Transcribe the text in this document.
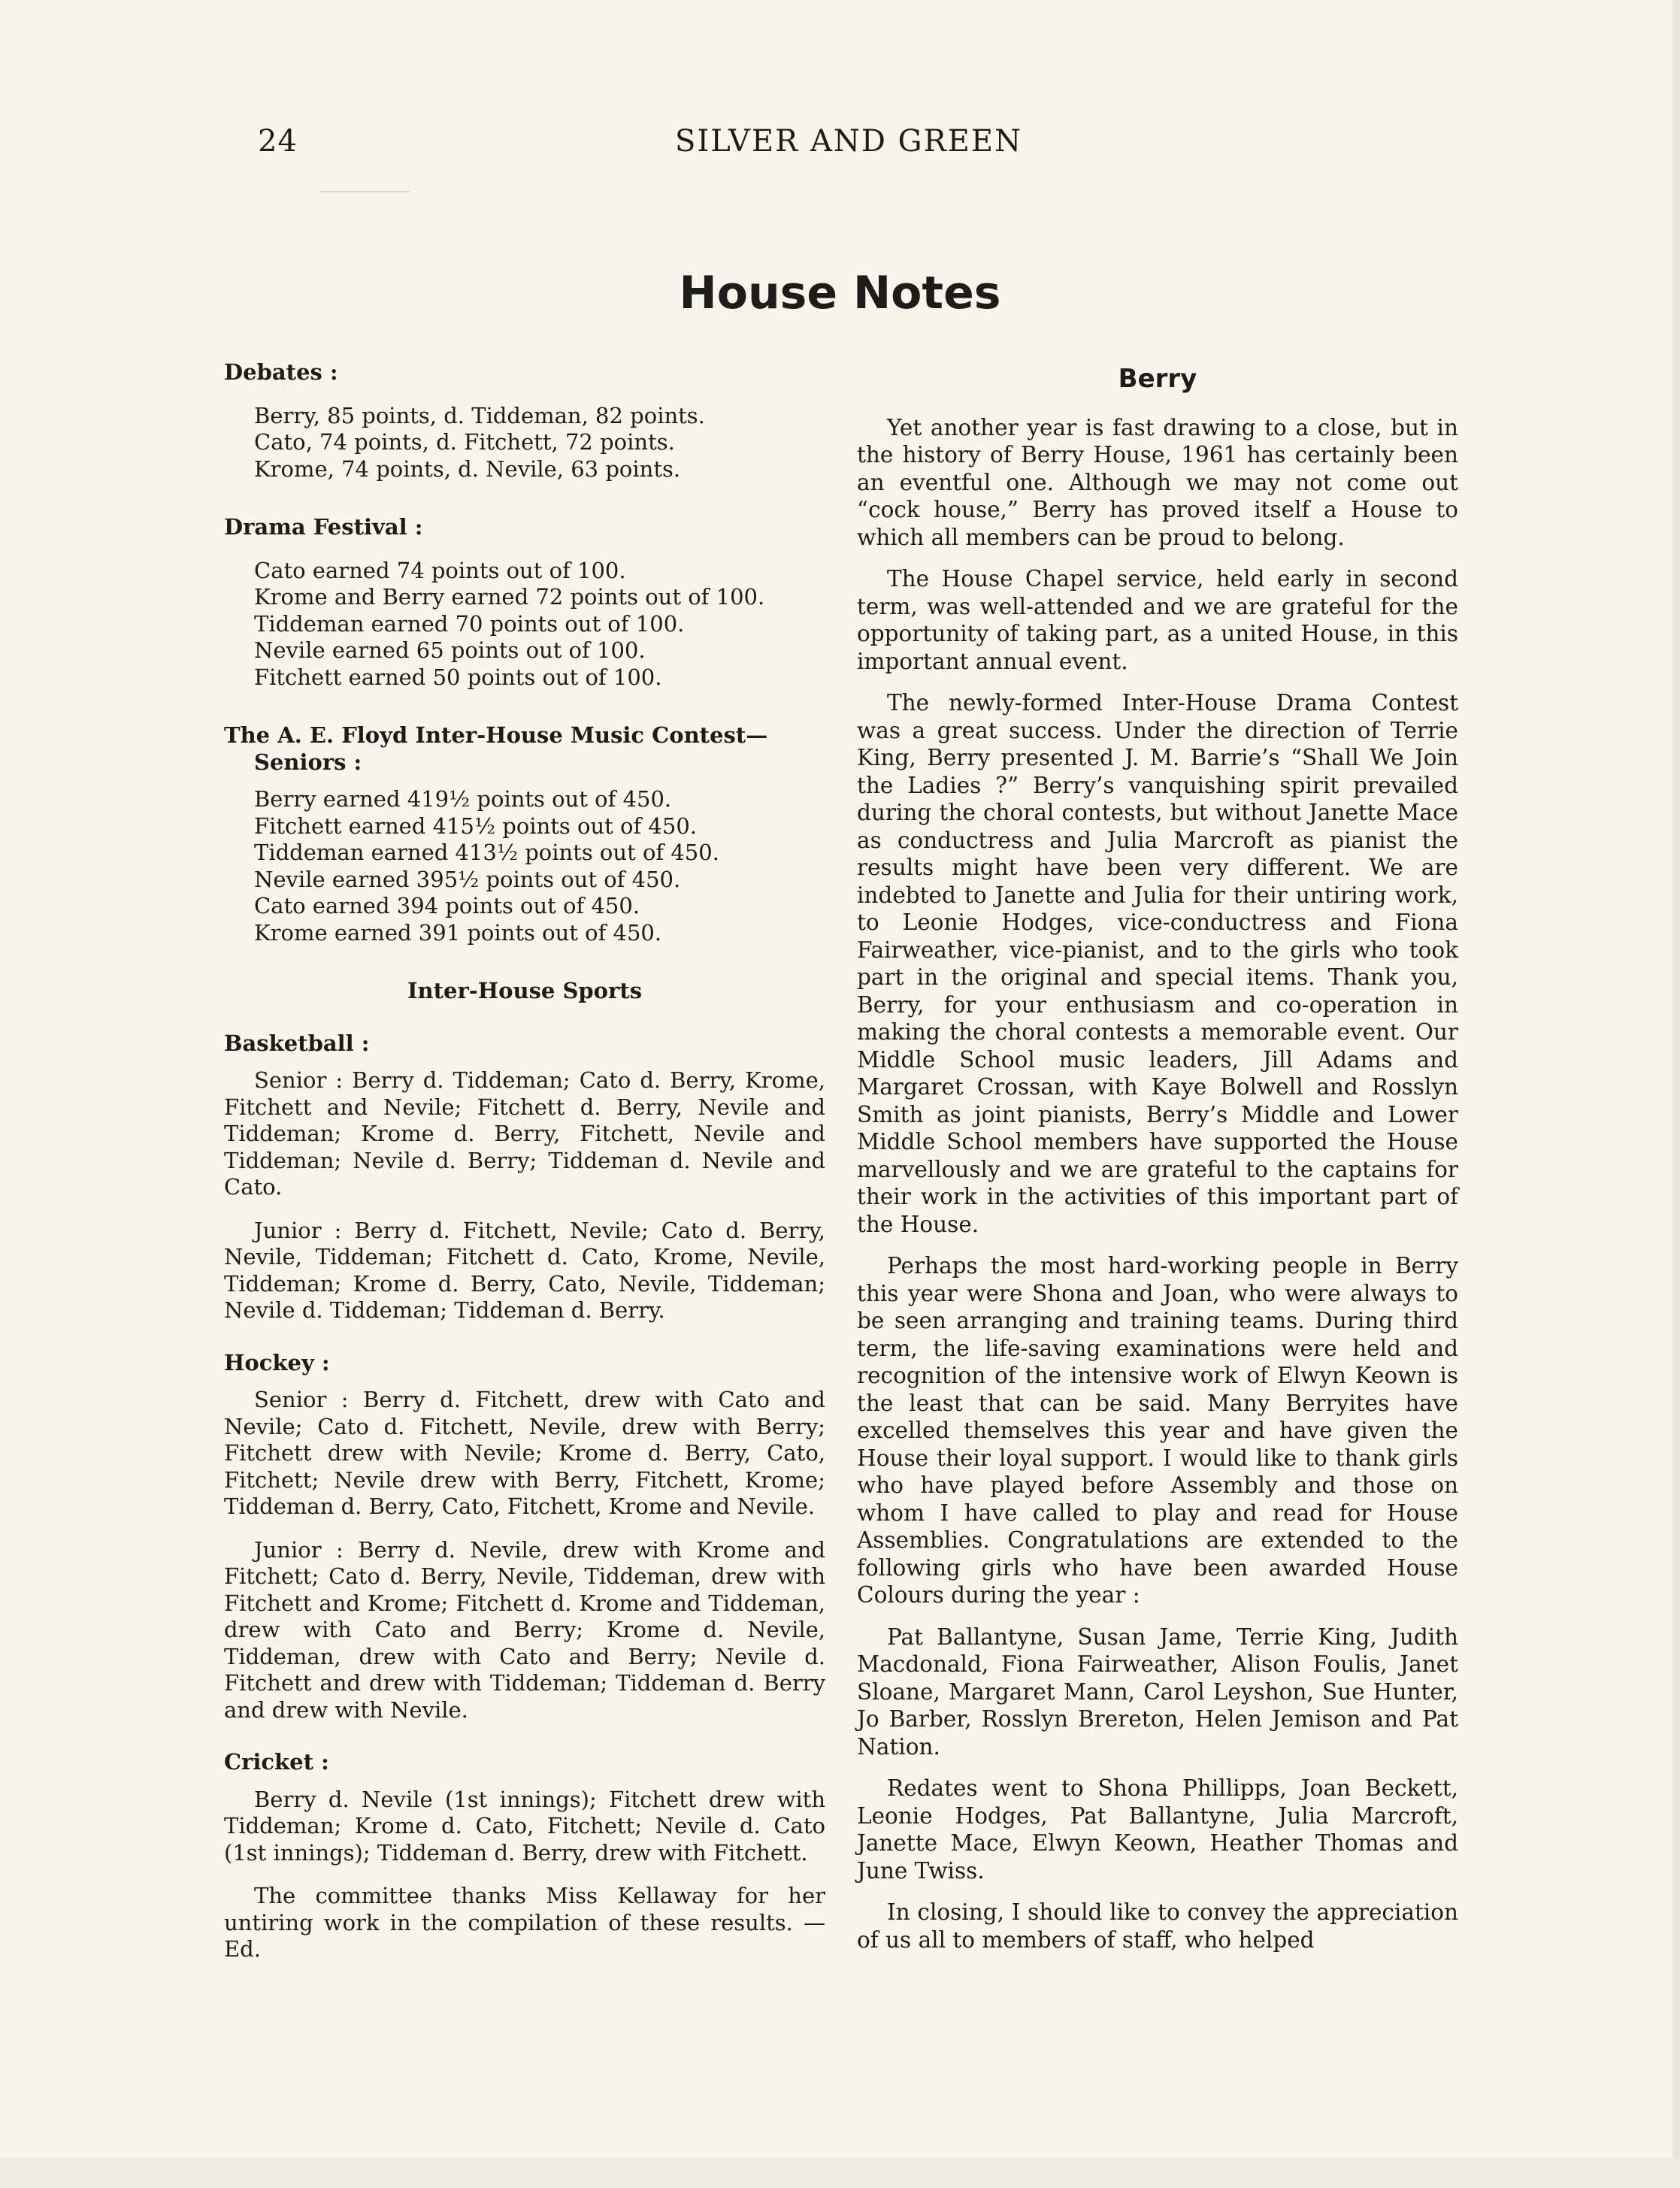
24	SILVER AND GREEN
House Notes
Debates :
Berry, 85 points, d. Tiddeman, 82 points.
Cato, 74 points, d. Fitchett, 72 points.
Krome, 74 points, d. Nevile, 63 points.
Drama Festival :
Cato earned 74 points out of 100.
Krome and Berry earned 72 points out of 100.
Tiddeman earned 70 points out of 100.
Nevile earned 65 points out of 100.
Fitchett earned 50 points out of 100.
The A. E. Floyd Inter-House Music Contest—
Seniors :
Berry earned 419½ points out of 450.
Fitchett earned 415½ points out of 450.
Tiddeman earned 413½ points out of 450.
Nevile earned 395½ points out of 450.
Cato earned 394 points out of 450.
Krome earned 391 points out of 450.
Inter-House Sports
Basketball :

Senior : Berry d. Tiddeman; Cato d. Berry, Krome, Fitchett and Nevile; Fitchett d. Berry, Nevile and Tiddeman; Krome d. Berry, Fitchett, Nevile and Tiddeman; Nevile d. Berry; Tiddeman d. Nevile and Cato.

Junior : Berry d. Fitchett, Nevile; Cato d. Berry, Nevile, Tiddeman; Fitchett d. Cato, Krome, Nevile, Tiddeman; Krome d. Berry, Cato, Nevile, Tiddeman; Nevile d. Tiddeman; Tiddeman d. Berry.

Hockey :

Senior : Berry d. Fitchett, drew with Cato and Nevile; Cato d. Fitchett, Nevile, drew with Berry; Fitchett drew with Nevile; Krome d. Berry, Cato, Fitchett; Nevile drew with Berry, Fitchett, Krome; Tiddeman d. Berry, Cato, Fitchett, Krome and Nevile.

Junior : Berry d. Nevile, drew with Krome and Fitchett; Cato d. Berry, Nevile, Tiddeman, drew with Fitchett and Krome; Fitchett d. Krome and Tiddeman, drew with Cato and Berry; Krome d. Nevile, Tiddeman, drew with Cato and Berry; Nevile d. Fitchett and drew with Tiddeman; Tiddeman d. Berry and drew with Nevile.

Cricket :

Berry d. Nevile (1st innings); Fitchett drew with Tiddeman; Krome d. Cato, Fitchett; Nevile d. Cato (1st innings); Tiddeman d. Berry, drew with Fitchett.

The committee thanks Miss Kellaway for her untiring work in the compilation of these results. —Ed.

Berry

Yet another year is fast drawing to a close, but in the history of Berry House, 1961 has certainly been an eventful one. Although we may not come out “cock house,” Berry has proved itself a House to which all members can be proud to belong.

The House Chapel service, held early in second term, was well-attended and we are grateful for the opportunity of taking part, as a united House, in this important annual event.

The newly-formed Inter-House Drama Contest was a great success. Under the direction of Terrie King, Berry presented J. M. Barrie’s “Shall We Join the Ladies ?” Berry’s vanquishing spirit prevailed during the choral contests, but without Janette Mace as conductress and Julia Marcroft as pianist the results might have been very different. We are indebted to Janette and Julia for their untiring work, to Leonie Hodges, vice-conductress and Fiona Fairweather, vice-pianist, and to the girls who took part in the original and special items. Thank you, Berry, for your enthusiasm and co-operation in making the choral contests a memorable event. Our Middle School music leaders, Jill Adams and Margaret Crossan, with Kaye Bolwell and Rosslyn Smith as joint pianists, Berry’s Middle and Lower Middle School members have supported the House marvellously and we are grateful to the captains for their work in the activities of this important part of the House.

Perhaps the most hard-working people in Berry this year were Shona and Joan, who were always to be seen arranging and training teams. During third term, the life-saving examinations were held and recognition of the intensive work of Elwyn Keown is the least that can be said. Many Berryites have excelled themselves this year and have given the House their loyal support. I would like to thank girls who have played before Assembly and those on whom I have called to play and read for House Assemblies. Congratulations are extended to the following girls who have been awarded House Colours during the year :

Pat Ballantyne, Susan Jame, Terrie King, Judith Macdonald, Fiona Fairweather, Alison Foulis, Janet Sloane, Margaret Mann, Carol Leyshon, Sue Hunter, Jo Barber, Rosslyn Brereton, Helen Jemison and Pat Nation.

Redates went to Shona Phillipps, Joan Beckett, Leonie Hodges, Pat Ballantyne, Julia Marcroft, Janette Mace, Elwyn Keown, Heather Thomas and June Twiss.

In closing, I should like to convey the appreciation of us all to members of staff, who helped
